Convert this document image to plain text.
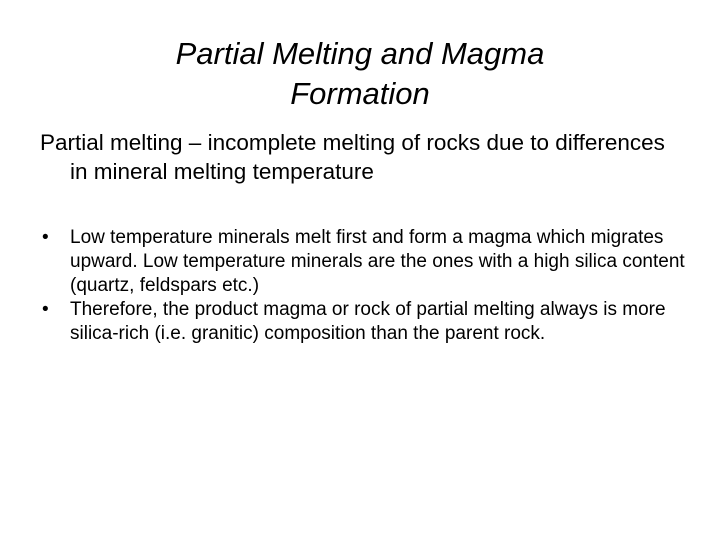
Partial Melting and Magma
Formation

Partial melting – incomplete melting of rocks due to differences in mineral melting temperature

•	Low temperature minerals melt first and form a magma which migrates upward. Low temperature minerals are the ones with a high silica content (quartz, feldspars etc.)
•	Therefore, the product magma or rock of partial melting always is more silica-rich (i.e. granitic) composition than the parent rock.
